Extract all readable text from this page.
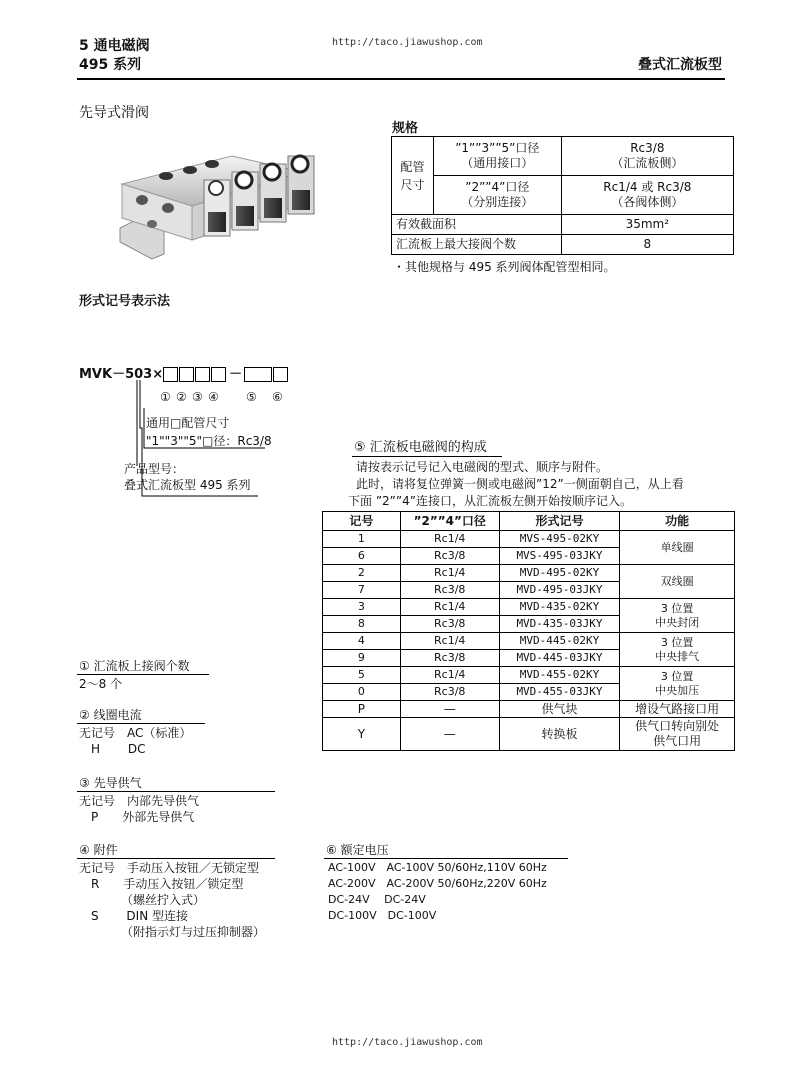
5 通电磁阀
495 系列
http://taco.jiawushop.com
叠式汇流板型
先导式滑阀
规格
配管尺寸	”1””3””5”口径
（通用接口）	Rc3/8
（汇流板侧）
	”2””4”口径
（分别连接）	Rc1/4 或 Rc3/8
（各阀体侧）
有效截面积		35mm²
汇流板上最大接阀个数		8
・其他规格与 495 系列阀体配管型相同。
形式记号表示法
MVK－503×	－
① ② ③ ④ ⑤ ⑥
通用□配管尺寸
"1""3""5"□径：Rc3/8
产品型号：
叠式汇流板型 495 系列
⑤ 汇流板电磁阀的构成
请按表示记号记入电磁阀的型式、顺序与附件。
此时，请将复位弹簧一侧或电磁阀”12”一侧面朝自己，从上看
下面 ”2””4”连接口，从汇流板左侧开始按顺序记入。
记号	”2””4”口径	形式记号	功能
1	Rc1/4	MVS-495-02KY	单线圈
6	Rc3/8	MVS-495-03JKY	
2	Rc1/4	MVD-495-02KY	双线圈
7	Rc3/8	MVD-495-03JKY	
3	Rc1/4	MVD-435-02KY	3 位置
中央封闭
8	Rc3/8	MVD-435-03JKY	
4	Rc1/4	MVD-445-02KY	3 位置
中央排气
9	Rc3/8	MVD-445-03JKY	
5	Rc1/4	MVD-455-02KY	3 位置
中央加压
0	Rc3/8	MVD-455-03JKY	
P	—	供气块	增设气路接口用
Y	—	转换板	供气口转向别处
供气口用
① 汇流板上接阀个数
2～8 个
② 线圈电流
无记号　AC（标准）
　H　　 DC
③ 先导供气
无记号　内部先导供气
　P　　外部先导供气
④ 附件
无记号　手动压入按钮／无锁定型
　R　　手动压入按钮／锁定型
　　　　（螺丝拧入式）
　S　　 DIN 型连接
　　　　（附指示灯与过压抑制器）
⑥ 额定电压
AC-100V　AC-100V 50/60Hz,110V 60Hz
AC-200V　AC-200V 50/60Hz,220V 60Hz
DC-24V　 DC-24V
DC-100V　DC-100V
http://taco.jiawushop.com
